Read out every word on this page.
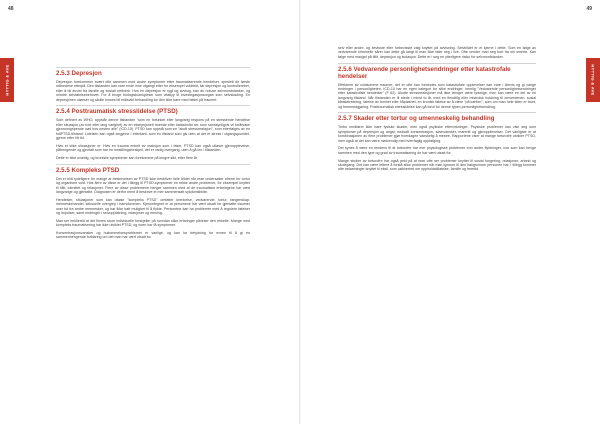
48
HYTTIG & AVE	2.5.3 Depresjon

Depresjon forekommer svært ofte sammen med andre symptomer etter traumatiserende hendelser, spesielt de første månedene etterpå. Den tilstanden kan vare ende inne utgangt etter for eksempel voldtekt, før depresjon og kontrollereber, eller å bli avvist fra familie og sosialt nettverk. Hva en depresjon er rygt og avvisig, kan du noluse selvmordstanker, og mindre selvfølelsebehovet. For å bruge biologisk/ankyleser som vitatlyy til investegasjonsorgan som selvskading. En depresjonen utøeser og skulle innses bli mälsvikt behandling for den ikke bare med følsel på traumet.

2.5.4 Posttraumatisk stresslidelse (PTSD)

Som definert av WHO, oppstår denne tilstanden "som en forsinket eller langvarig respons på en stressende hendelse eller situasjon (av kort eller lang varighet) av en eksepsjonelt truende eller katastrofal art, som sannsynligvis vil forårsake gjennomgripende nød hos nesten alle" (ICD-10). PTSD kan oppstå som en "akutt stressreaksjon", som etterfølges av en fullPTSD-tilstand. Lidelsen kan også begynne i etterkant, som en tilstand som gis uten at det er stress i utgangspunktet, gjerne etter litt tid.

Hvis et slike situasjoner er. Hvis en trauma enkelt av reaksjon som i faser, PTSD kan også utløser gjenopplevelse, påtrengende og gjentatt som har en innstillingsforskjell, det er varlig overgang, uten å gå inn i tilstanden.

Dette er ikke uvanlig, og kroniske symptomer kan forekomme på lengre sikt, etter flere år.

2.5.5 Kompleks PTSD

Det er blitt tydeligere for mange at beskrivelsen av PTSD ikke beskriver hele bildet når man undersøker ofrene for tortur og organisert vold. Hos flere av disse er det i tillegg til PTSD-symptomer en rekke andre problemer, for eksempel knyttet til tillit, identitet og relasjoner. Flere av disse problemene henger sammen med at de traumatiske erfaringene har vært langvarige og gjentatte. Diagnosen er derfor ment å beskrive et mer sammensatt sykdomsbilde.

Hendelser, situasjoner som kan utløse "kompleks PTSD" omfatter krenkelse, vedvarende, tortur, fangenskap, menneskehandel, seksuelle overgrep i barndommen. Kjennetegnet er at personene har vært utsatt for gjentatte traumer over tid fra andre mennesker, og har ikke hatt mulighet til å flykte. Personene kan ha problemer med å regulere følelser og impulser, samt endringer i selvoppfatning, relasjoner og mening.

Man ser imidlertid at det finnes store individuelle forskjeller på hvordan slike erfaringer påvirker den enkelte. Mange med kompleks traumatisering har ikke utviklet PTSD, og noen har få symptomer.

Konsentrasjonsvansker og hukommelsesproblemer er vanlige, og kan ha betydning for evnen til å gi en sammenhengende forklaring om det man har vært utsatt for.

49
HYTTIG & AVE

selv eller andre, og bevisste eller forbevisste valg knyttet på avvisning. Selvbildet er et kjerne i dette. Som en følge av vedvarende kriminelle sårer kan dette gå langt til man ikke føler seg i live. Ofte vender man seg bort fra sin smerte. Kan følge med mangel på tillit, depresjon og isolasjon. Dette er i seg en ytterligere risiko for selvmordstanker.

2.5.6 Vedvarende personlighetsendringer etter katastrofale hendelser

Effektene av voldsomme traumer, det er ofte kan forbindes som katastrofale opplevelser kan vare i årevis og gi varige endringer i personligheten, ICD-10 har en egen kategori for slike endringer, nemlig "Vedvarende personlighetsendringer etter katastrofale hendelser" (F 62). Akutte stressreaksjoner må ikke trenger være tydelige, men kan være en del av en langvarig tilstand. Når tilstanden er til stede i minst to år, med en fiendtlig eller mistroisk holdning til omverdenen, sosial tilbaketrekning, følelse av tomhet eller håpløshet, en kronisk følelse av å være "på kanten", som om man hele tiden er truet, og fremmedgjøring. Posttraumatisk stresslidelse kan gå forut for denne typen personlighetsendring.

2.5.7 Skader etter tortur og umenneskelig behandling

Tortur medfører ikke bare fysiske skader, men også psykiske ettervirkninger. Psykiske problemer kan vise seg som symptomer på depresjon og angst, nedsatt konsentrasjon, søvnvansker, mareritt og gjenopplevelser. Det vanligste er at kombinasjonen av flere problemer gjør hverdagen vanskelig å mestre. Rapportene viser at mange torturofre utvikler PTSD, men også at det kan være nødvendig med tverrfaglig oppfølging.

Det synes å være en tendens til at torturofre har mer psykologiske problemer enn andre flyktninger, noe som kan henge sammen med den type og grad av traumatisering de har vært utsatt for.

Mange studier av torturofre har også pekt på at man ofte ser problemer knyttet til sosial fungering, relasjoner, arbeid og skolegang. Det kan være lettere å forstå slike problemer når man kjenner til den bakgrunnen personen har. I tillegg kommer ofte belastninger knyttet til eksil, som usikkerhet om oppholdstillatelse, familie og fremtid.
